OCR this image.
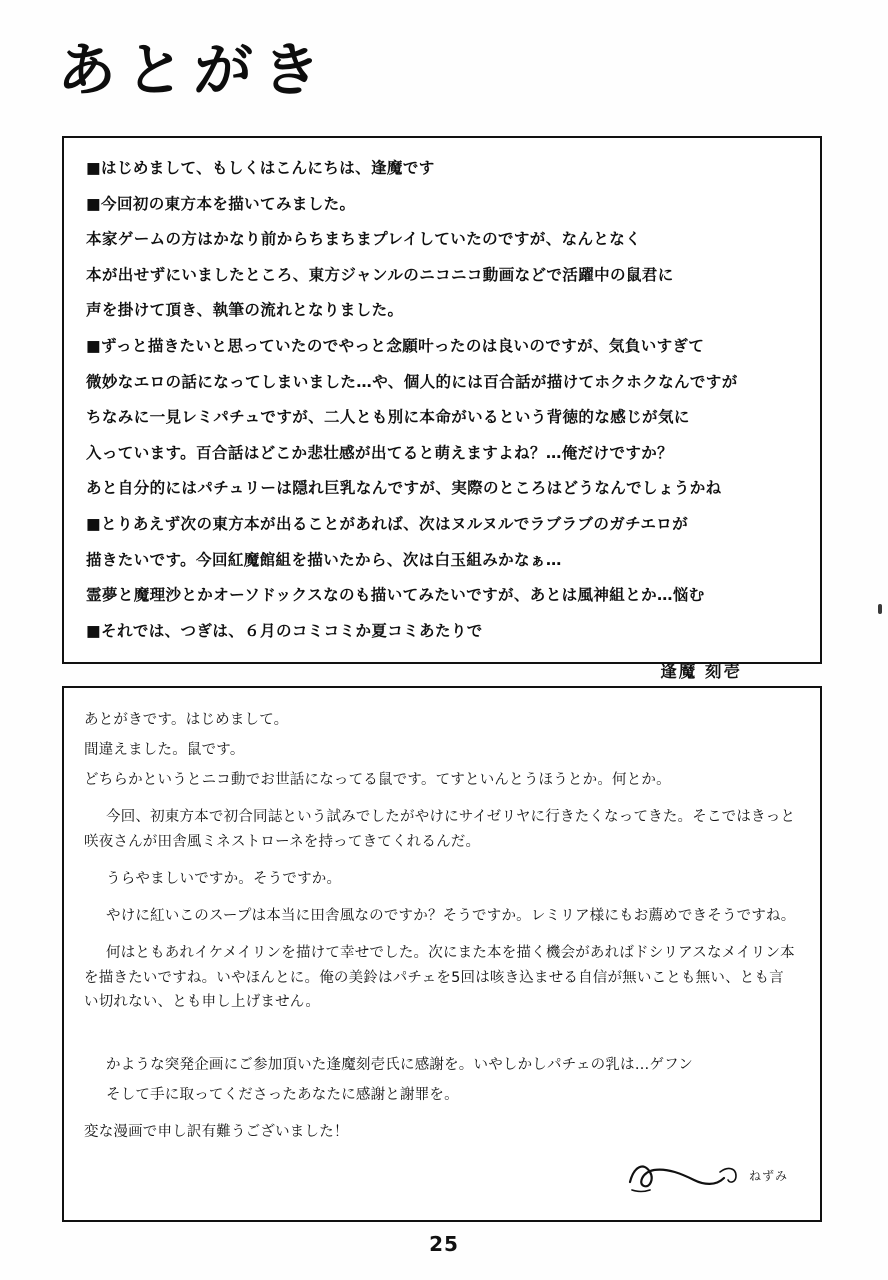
あとがき

■はじめまして、もしくはこんにちは、逢魔です

■今回初の東方本を描いてみました。

本家ゲームの方はかなり前からちまちまプレイしていたのですが、なんとなく

本が出せずにいましたところ、東方ジャンルのニコニコ動画などで活躍中の鼠君に

声を掛けて頂き、執筆の流れとなりました。

■ずっと描きたいと思っていたのでやっと念願叶ったのは良いのですが、気負いすぎて

微妙なエロの話になってしまいました…や、個人的には百合話が描けてホクホクなんですが

ちなみに一見レミパチュですが、二人とも別に本命がいるという背徳的な感じが気に

入っています。百合話はどこか悲壮感が出てると萌えますよね？…俺だけですか？

あと自分的にはパチュリーは隠れ巨乳なんですが、実際のところはどうなんでしょうかね

■とりあえず次の東方本が出ることがあれば、次はヌルヌルでラブラブのガチエロが

描きたいです。今回紅魔館組を描いたから、次は白玉組みかなぁ…

霊夢と魔理沙とかオーソドックスなのも描いてみたいですが、あとは風神組とか…悩む

■それでは、つぎは、６月のコミコミか夏コミあたりで

逢魔 刻壱

あとがきです。はじめまして。

間違えました。鼠です。

どちらかというとニコ動でお世話になってる鼠です。てすといんとうほうとか。何とか。

今回、初東方本で初合同誌という試みでしたがやけにサイゼリヤに行きたくなってきた。そこではきっと咲夜さんが田舎風ミネストローネを持ってきてくれるんだ。

うらやましいですか。そうですか。

やけに紅いこのスープは本当に田舎風なのですか？そうですか。レミリア様にもお薦めできそうですね。

何はともあれイケメイリンを描けて幸せでした。次にまた本を描く機会があればドシリアスなメイリン本を描きたいですね。いやほんとに。俺の美鈴はパチェを5回は咳き込ませる自信が無いことも無い、とも言い切れない、とも申し上げません。

かような突発企画にご参加頂いた逢魔刻壱氏に感謝を。いやしかしパチェの乳は…ゲフン

そして手に取ってくださったあなたに感謝と謝罪を。

変な漫画で申し訳有難うございました！

ねずみ
25
